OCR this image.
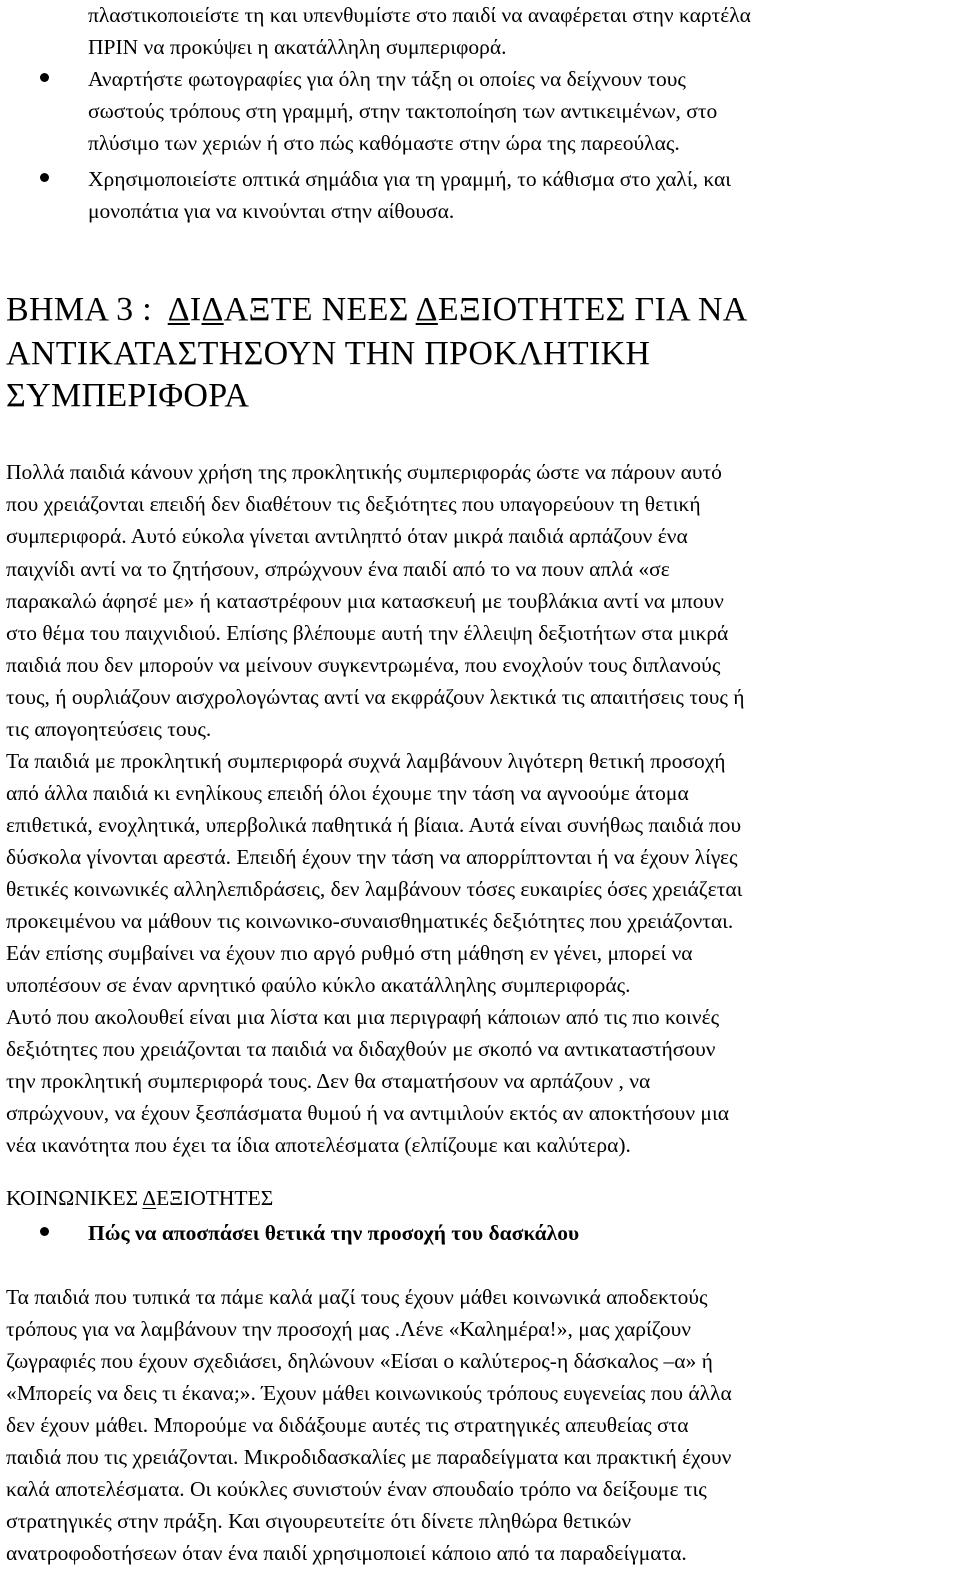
πλαστικοποιείστε τη και υπενθυμίστε στο παιδί να αναφέρεται στην καρτέλα
ΠΡΙΝ να προκύψει η ακατάλληλη συμπεριφορά.
Αναρτήστε φωτογραφίες για όλη την τάξη οι οποίες να δείχνουν τους
σωστούς τρόπους στη γραμμή, στην τακτοποίηση των αντικειμένων, στο
πλύσιμο των χεριών ή στο πώς καθόμαστε στην ώρα της παρεούλας.
Χρησιμοποιείστε οπτικά σημάδια για τη γραμμή, το κάθισμα στο χαλί, και
μονοπάτια για να κινούνται στην αίθουσα.
ΒΗΜΑ 3 :  ΔΙΔΑΞΤΕ ΝΕΕΣ ΔΕΞΙΟΤΗΤΕΣ ΓΙΑ ΝΑ
ΑΝΤΙΚΑΤΑΣΤΗΣΟΥΝ ΤΗΝ ΠΡΟΚΛΗΤΙΚΗ
ΣΥΜΠΕΡΙΦΟΡΑ
Πολλά παιδιά κάνουν χρήση της προκλητικής συμπεριφοράς ώστε να πάρουν αυτό
που χρειάζονται επειδή δεν διαθέτουν τις δεξιότητες που υπαγορεύουν τη θετική
συμπεριφορά. Αυτό εύκολα γίνεται αντιληπτό όταν μικρά παιδιά αρπάζουν ένα
παιχνίδι αντί να το ζητήσουν, σπρώχνουν ένα παιδί από το να πουν απλά «σε
παρακαλώ άφησέ με» ή καταστρέφουν μια κατασκευή με τουβλάκια αντί να μπουν
στο θέμα του παιχνιδιού. Επίσης βλέπουμε αυτή την έλλειψη δεξιοτήτων στα μικρά
παιδιά που δεν μπορούν να μείνουν συγκεντρωμένα, που ενοχλούν τους διπλανούς
τους, ή ουρλιάζουν αισχρολογώντας αντί να εκφράζουν λεκτικά τις απαιτήσεις τους ή
τις απογοητεύσεις τους.
Τα παιδιά με προκλητική συμπεριφορά συχνά λαμβάνουν λιγότερη θετική προσοχή
από άλλα παιδιά κι ενηλίκους επειδή όλοι έχουμε την τάση να αγνοούμε άτομα
επιθετικά, ενοχλητικά, υπερβολικά παθητικά ή βίαια. Αυτά είναι συνήθως παιδιά που
δύσκολα γίνονται αρεστά. Επειδή έχουν την τάση να απορρίπτονται ή να έχουν λίγες
θετικές κοινωνικές αλληλεπιδράσεις, δεν λαμβάνουν τόσες ευκαιρίες όσες χρειάζεται
προκειμένου να μάθουν τις κοινωνικο-συναισθηματικές δεξιότητες που χρειάζονται.
Εάν επίσης συμβαίνει να έχουν πιο αργό ρυθμό στη μάθηση εν γένει, μπορεί να
υποπέσουν σε έναν αρνητικό φαύλο κύκλο ακατάλληλης συμπεριφοράς.
Αυτό που ακολουθεί είναι μια λίστα και μια περιγραφή κάποιων από τις πιο κοινές
δεξιότητες που χρειάζονται τα παιδιά να διδαχθούν με σκοπό να αντικαταστήσουν
την προκλητική συμπεριφορά τους. Δεν θα σταματήσουν να αρπάζουν , να
σπρώχνουν, να έχουν ξεσπάσματα θυμού ή να αντιμιλούν εκτός αν αποκτήσουν μια
νέα ικανότητα που έχει τα ίδια αποτελέσματα (ελπίζουμε και καλύτερα).
ΚΟΙΝΩΝΙΚΕΣ ΔΕΞΙΟΤΗΤΕΣ
Πώς να αποσπάσει θετικά την προσοχή του δασκάλου
Τα παιδιά που τυπικά τα πάμε καλά μαζί τους έχουν μάθει κοινωνικά αποδεκτούς
τρόπους για να λαμβάνουν την προσοχή μας .Λένε «Καλημέρα!», μας χαρίζουν
ζωγραφιές που έχουν σχεδιάσει, δηλώνουν «Είσαι ο καλύτερος-η δάσκαλος –α» ή
«Μπορείς να δεις τι έκανα;». Έχουν μάθει κοινωνικούς τρόπους ευγενείας που άλλα
δεν έχουν μάθει. Μπορούμε να διδάξουμε αυτές τις στρατηγικές απευθείας στα
παιδιά που τις χρειάζονται. Μικροδιδασκαλίες με παραδείγματα και πρακτική έχουν
καλά αποτελέσματα. Οι κούκλες συνιστούν έναν σπουδαίο τρόπο να δείξουμε τις
στρατηγικές στην πράξη. Και σιγουρευτείτε ότι δίνετε πληθώρα θετικών
ανατροφοδοτήσεων όταν ένα παιδί χρησιμοποιεί κάποιο από τα παραδείγματα.
